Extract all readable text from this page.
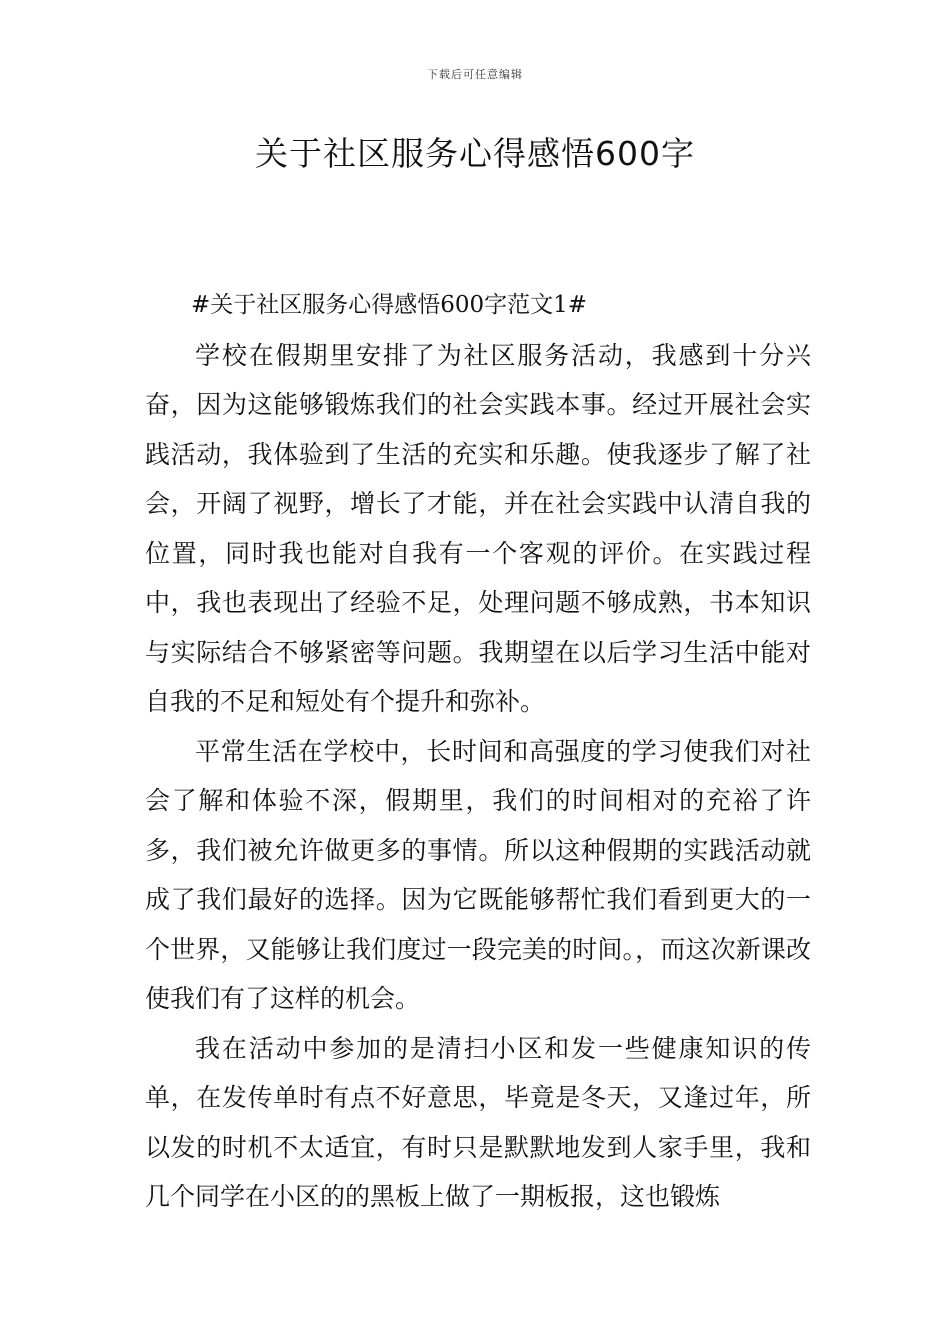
下载后可任意编辑
关于社区服务心得感悟600字

#关于社区服务心得感悟600字范文1#

学校在假期里安排了为社区服务活动，我感到十分兴奋，因为这能够锻炼我们的社会实践本事。经过开展社会实践活动，我体验到了生活的充实和乐趣。使我逐步了解了社会，开阔了视野，增长了才能，并在社会实践中认清自我的位置，同时我也能对自我有一个客观的评价。在实践过程中，我也表现出了经验不足，处理问题不够成熟，书本知识与实际结合不够紧密等问题。我期望在以后学习生活中能对自我的不足和短处有个提升和弥补。

平常生活在学校中，长时间和高强度的学习使我们对社会了解和体验不深，假期里，我们的时间相对的充裕了许多，我们被允许做更多的事情。所以这种假期的实践活动就成了我们最好的选择。因为它既能够帮忙我们看到更大的一个世界，又能够让我们度过一段完美的时间。，而这次新课改使我们有了这样的机会。

我在活动中参加的是清扫小区和发一些健康知识的传单，在发传单时有点不好意思，毕竟是冬天，又逢过年，所以发的时机不太适宜，有时只是默默地发到人家手里，我和几个同学在小区的的黑板上做了一期板报，这也锻炼
